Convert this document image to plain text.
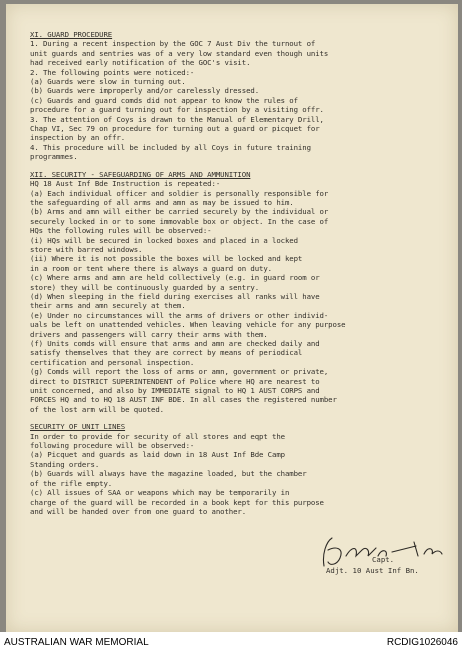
XI. GUARD PROCEDURE

1. During a recent inspection by the GOC 7 Aust Div the turnout of

unit guards and sentries was of a very low standard even though units

had received early notification of the GOC's visit.

2. The following points were noticed:-

(a) Guards were slow in turning out.

(b) Guards were improperly and/or carelessly dressed.

(c) Guards and guard comds did not appear to know the rules of

procedure for a guard turning out for inspection by a visiting offr.

3. The attention of Coys is drawn to the Manual of Elementary Drill,

Chap VI, Sec 79 on procedure for turning out a guard or picquet for

inspection by an offr.

4. This procedure will be included by all Coys in future training

programmes.

XII. SECURITY - SAFEGUARDING OF ARMS AND AMMUNITION

HQ 18 Aust Inf Bde Instruction is repeated:-

(a) Each individual officer and soldier is personally responsible for

the safeguarding of all arms and amn as may be issued to him.

(b) Arms and amn will either be carried securely by the individual or

securely locked in or to some immovable box or object. In the case of

HQs the following rules will be observed:-

(i) HQs will be secured in locked boxes and placed in a locked

store with barred windows.

(ii) Where it is not possible the boxes will be locked and kept

in a room or tent where there is always a guard on duty.

(c) Where arms and amn are held collectively (e.g. in guard room or

store) they will be continuously guarded by a sentry.

(d) When sleeping in the field during exercises all ranks will have

their arms and amn securely at them.

(e) Under no circumstances will the arms of drivers or other individ-

uals be left on unattended vehicles. When leaving vehicle for any purpose

drivers and passengers will carry their arms with them.

(f) Units comds will ensure that arms and amn are checked daily and

satisfy themselves that they are correct by means of periodical

certification and personal inspection.

(g) Comds will report the loss of arms or amn, government or private,

direct to DISTRICT SUPERINTENDENT of Police where HQ are nearest to

unit concerned, and also by IMMEDIATE signal to HQ 1 AUST CORPS and

FORCES HQ and to HQ 18 AUST INF BDE. In all cases the registered number

of the lost arm will be quoted.

SECURITY OF UNIT LINES

In order to provide for security of all stores and eqpt the

following procedure will be observed:-

(a) Picquet and guards as laid down in 18 Aust Inf Bde Camp

Standing orders.

(b) Guards will always have the magazine loaded, but the chamber

of the rifle empty.

(c) All issues of SAA or weapons which may be temporarily in

charge of the guard will be recorded in a book kept for this purpose

and will be handed over from one guard to another.

Capt.
Adjt. 10 Aust Inf Bn.
AUSTRALIAN WAR MEMORIAL	RCDIG1026046
